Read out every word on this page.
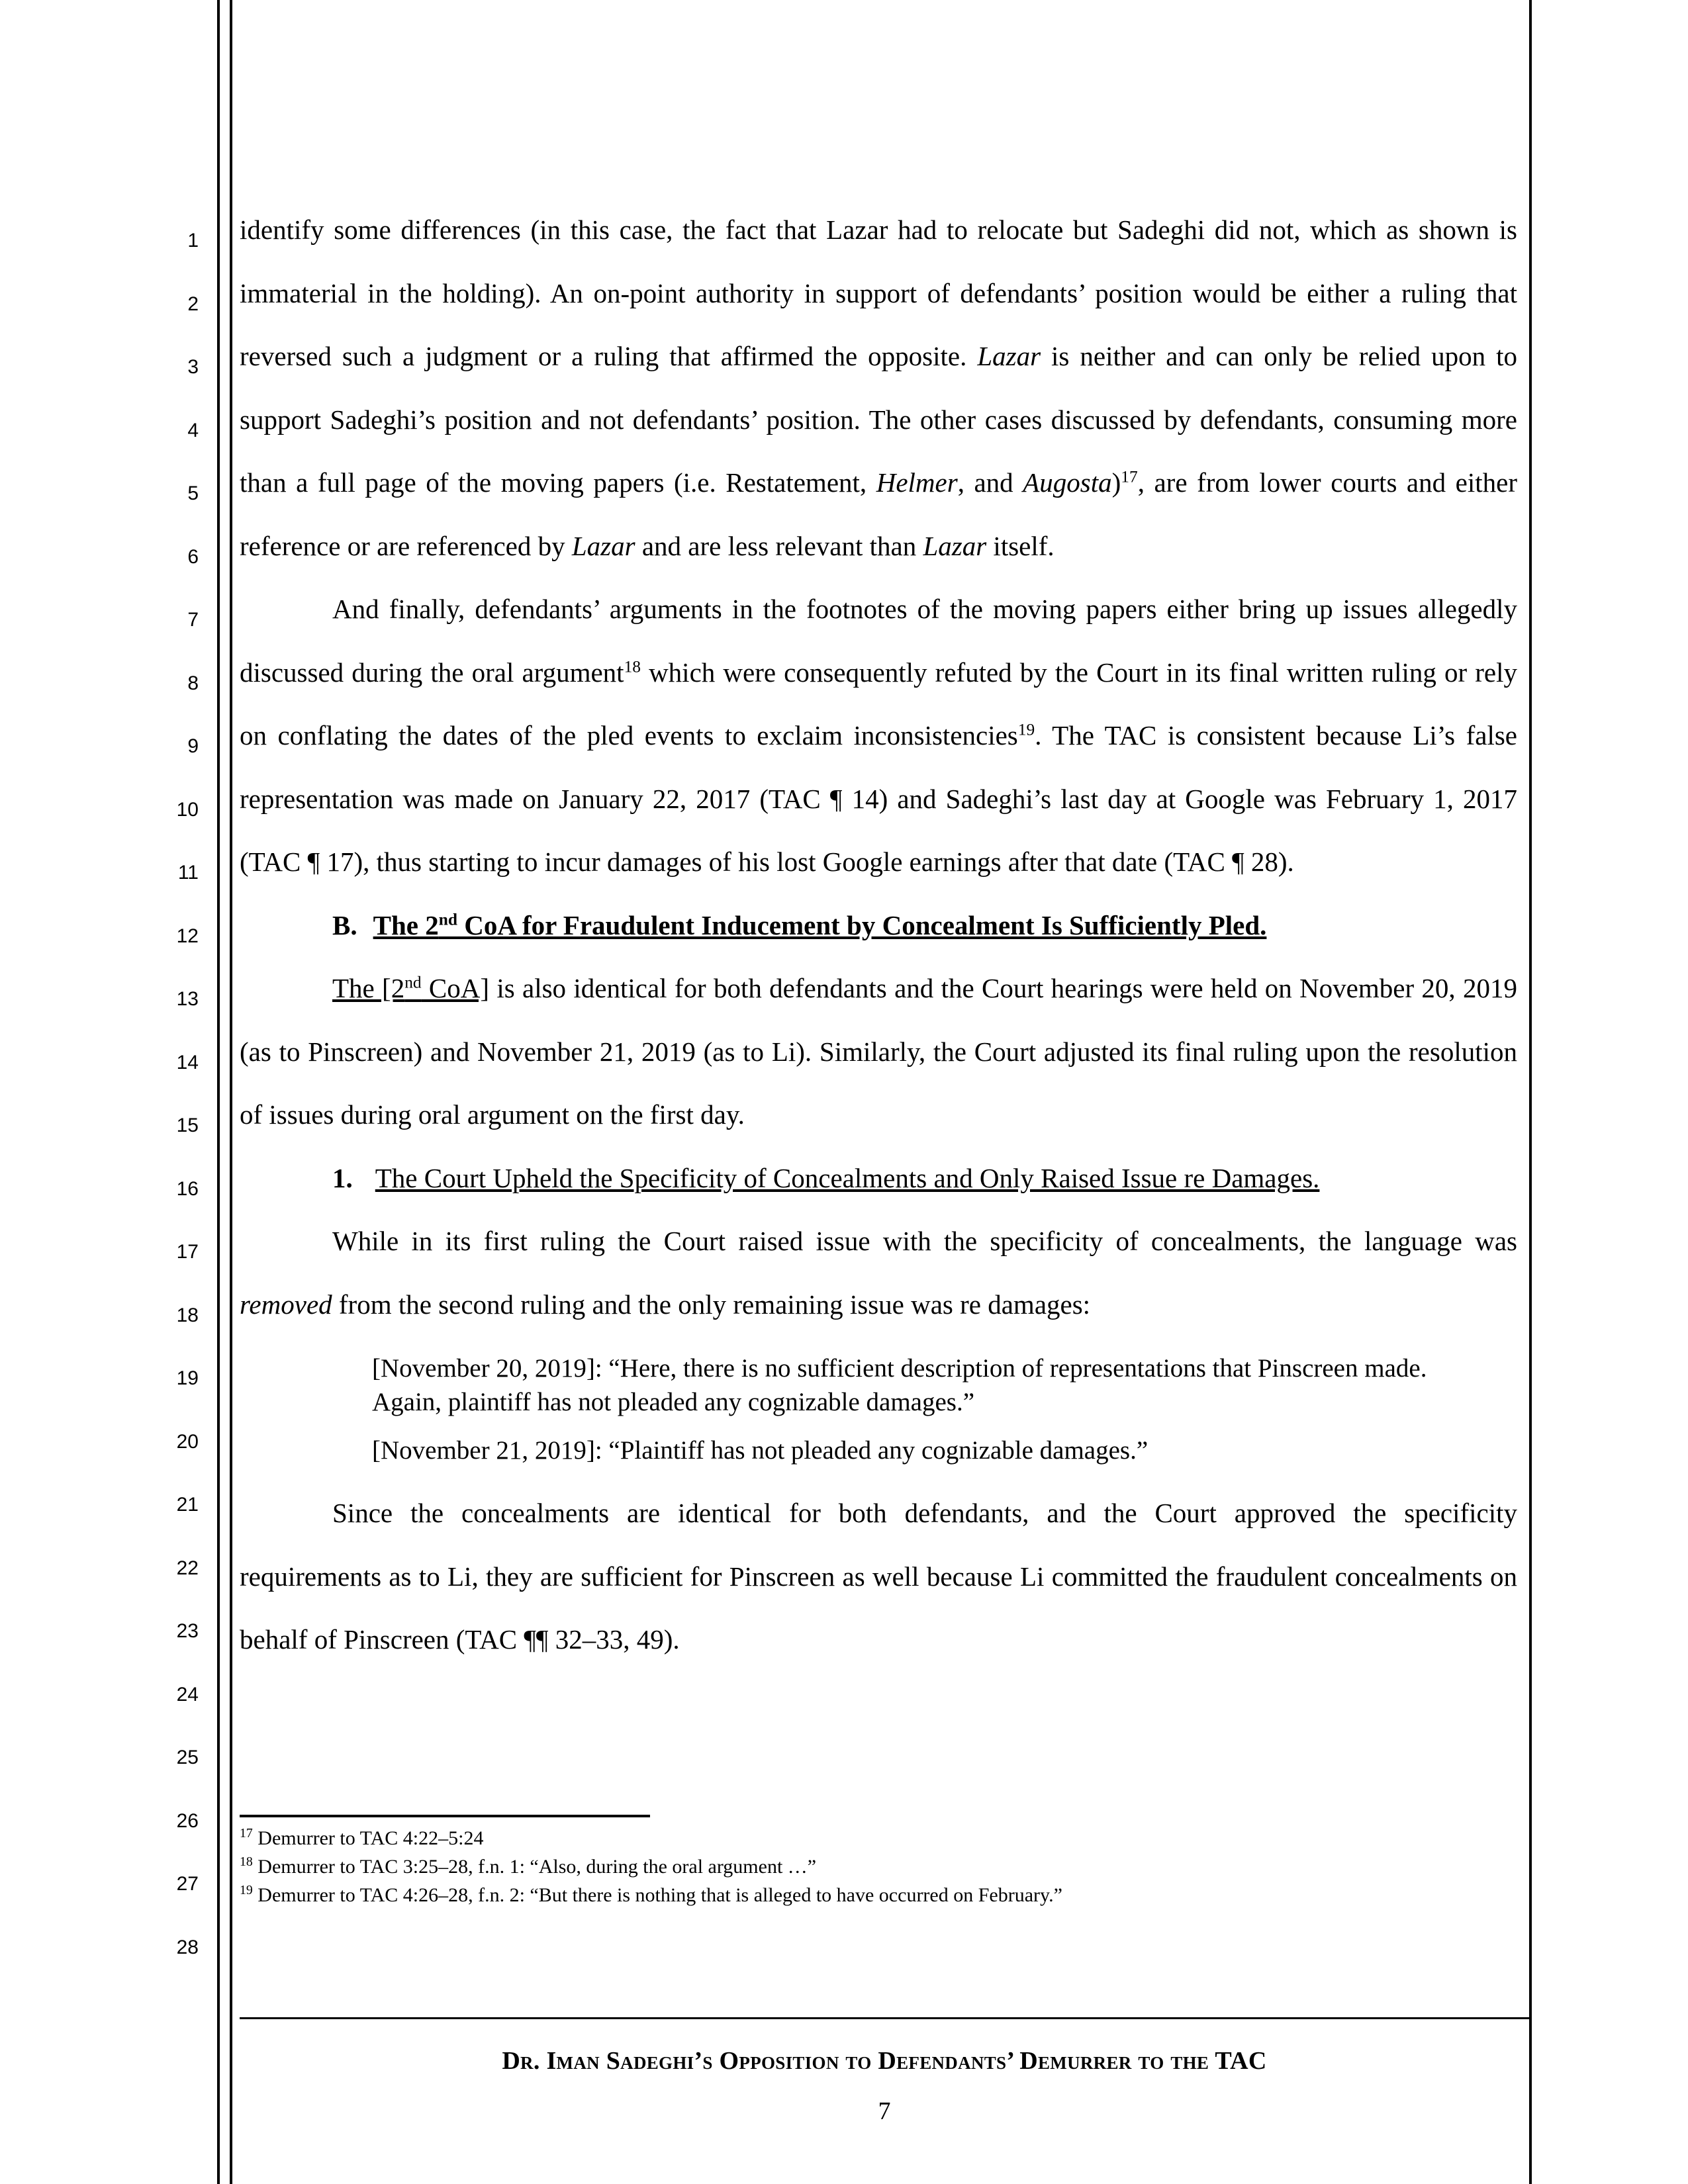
1
2
3
4
5
6
7
8
9
10
11
12
13
14
15
16
17
18
19
20
21
22
23
24
25
26
27
28

identify some differences (in this case, the fact that Lazar had to relocate but Sadeghi did not, which as shown is immaterial in the holding). An on-point authority in support of defendants’ position would be either a ruling that reversed such a judgment or a ruling that affirmed the opposite. Lazar is neither and can only be relied upon to support Sadeghi’s position and not defendants’ position. The other cases discussed by defendants, consuming more than a full page of the moving papers (i.e. Restatement, Helmer, and Augosta)$^{17}$, are from lower courts and either reference or are referenced by Lazar and are less relevant than Lazar itself.

And finally, defendants’ arguments in the footnotes of the moving papers either bring up issues allegedly discussed during the oral argument$^{18}$ which were consequently refuted by the Court in its final written ruling or rely on conflating the dates of the pled events to exclaim inconsistencies$^{19}$. The TAC is consistent because Li’s false representation was made on January 22, 2017 (TAC ¶ 14) and Sadeghi’s last day at Google was February 1, 2017 (TAC ¶ 17), thus starting to incur damages of his lost Google earnings after that date (TAC ¶ 28).

B. The 2nd CoA for Fraudulent Inducement by Concealment Is Sufficiently Pled.

The [2nd CoA] is also identical for both defendants and the Court hearings were held on November 20, 2019 (as to Pinscreen) and November 21, 2019 (as to Li). Similarly, the Court adjusted its final ruling upon the resolution of issues during oral argument on the first day.

1. The Court Upheld the Specificity of Concealments and Only Raised Issue re Damages.

While in its first ruling the Court raised issue with the specificity of concealments, the language was removed from the second ruling and the only remaining issue was re damages:

[November 20, 2019]: “Here, there is no sufficient description of representations that Pinscreen made. Again, plaintiff has not pleaded any cognizable damages.”

[November 21, 2019]: “Plaintiff has not pleaded any cognizable damages.”

Since the concealments are identical for both defendants, and the Court approved the specificity requirements as to Li, they are sufficient for Pinscreen as well because Li committed the fraudulent concealments on behalf of Pinscreen (TAC ¶¶ 32–33, 49).

$^{17}$ Demurrer to TAC 4:22–5:24

$^{18}$ Demurrer to TAC 3:25–28, f.n. 1: “Also, during the oral argument …”

$^{19}$ Demurrer to TAC 4:26–28, f.n. 2: “But there is nothing that is alleged to have occurred on February.”

Dr. Iman Sadeghi’s Opposition to Defendants’ Demurrer to the TAC
7
